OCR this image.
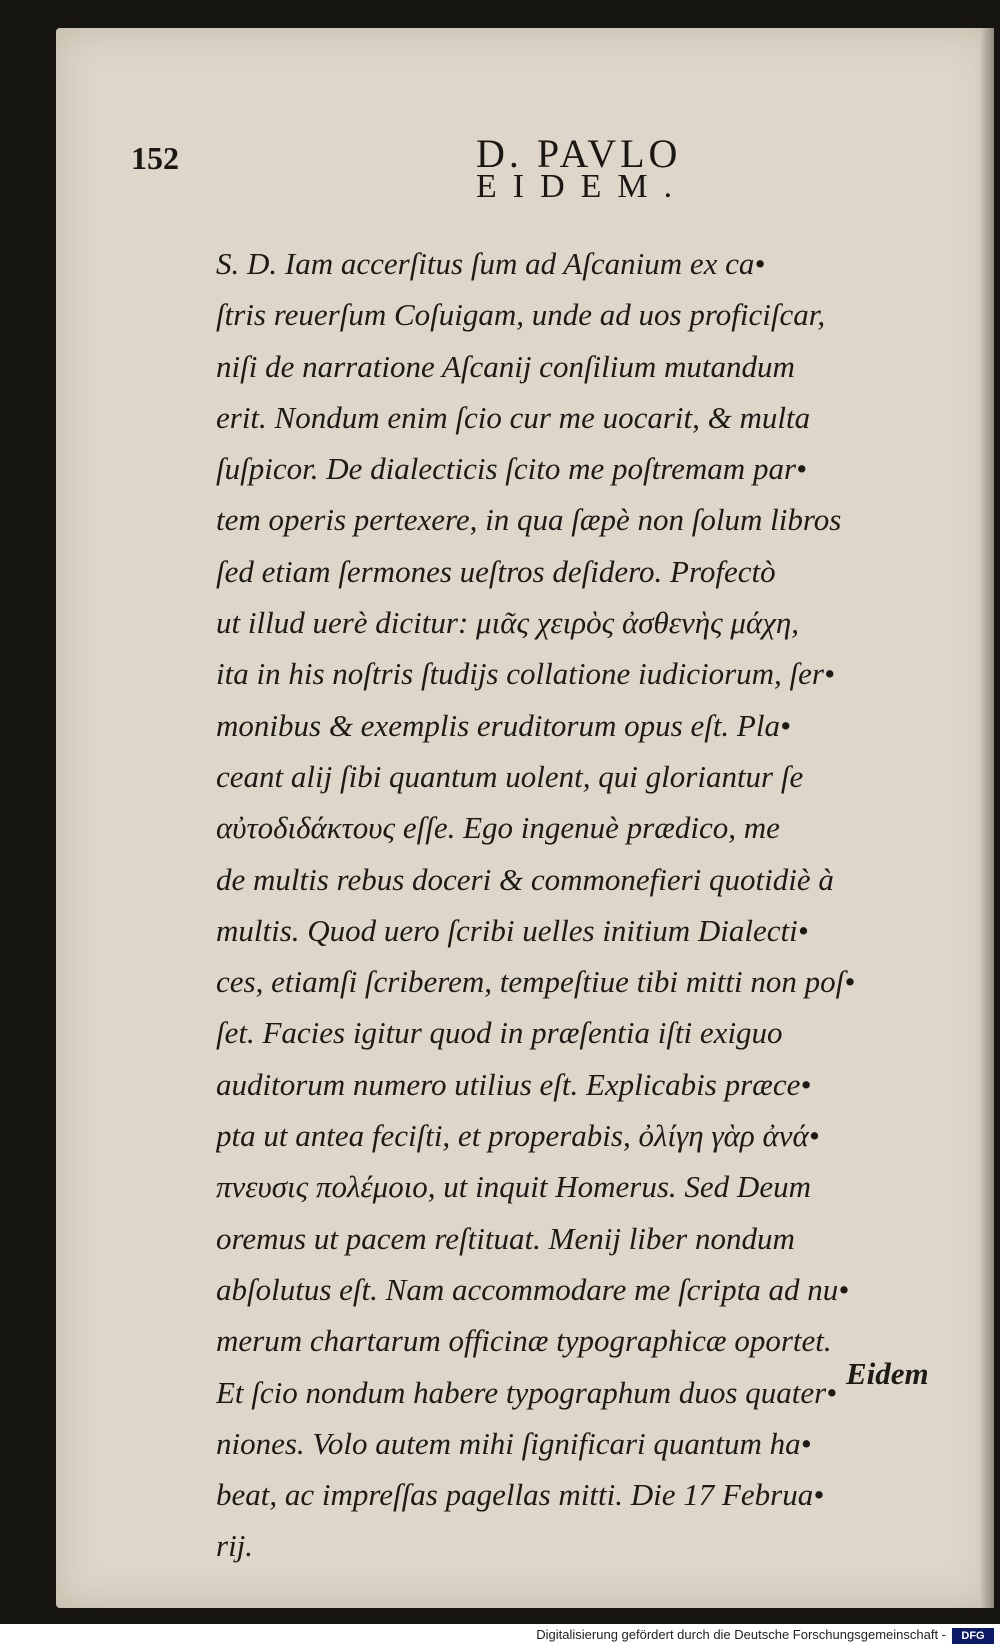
152	D. PAVLO
EIDEM.
S. D. Iam accerſitus ſum ad Aſcanium ex ca•
ſtris reuerſum Coſuigam, unde ad uos proficiſcar,
niſi de narratione Aſcanij conſilium mutandum
erit. Nondum enim ſcio cur me uocarit, & multa
ſuſpicor. De dialecticis ſcito me poſtremam par•
tem operis pertexere, in qua ſæpè non ſolum libros
ſed etiam ſermones ueſtros deſidero. Profectò
ut illud uerè dicitur: μιᾶς χειρὸς ἀσθενὴς μάχη,
ita in his noſtris ſtudijs collatione iudiciorum, ſer•
monibus & exemplis eruditorum opus eſt. Pla•
ceant alij ſibi quantum uolent, qui gloriantur ſe
αὐτοδιδάκτους eſſe. Ego ingenuè prædico, me
de multis rebus doceri & commonefieri quotidiè à
multis. Quod uero ſcribi uelles initium Dialecti•
ces, etiamſi ſcriberem, tempeſtiue tibi mitti non poſ•
ſet. Facies igitur quod in præſentia iſti exiguo
auditorum numero utilius eſt. Explicabis præce•
pta ut antea feciſti, et properabis, ὀλίγη γὰρ ἀνά•
πνευσις πολέμοιο, ut inquit Homerus. Sed Deum
oremus ut pacem reſtituat. Menij liber nondum
abſolutus eſt. Nam accommodare me ſcripta ad nu•
merum chartarum officinæ typographicæ oportet.
Et ſcio nondum habere typographum duos quater•
niones. Volo autem mihi ſignificari quantum ha•
beat, ac impreſſas pagellas mitti. Die 17 Februa•
rij.
Eidem
Digitalisierung gefördert durch die Deutsche Forschungsgemeinschaft -	DFG
